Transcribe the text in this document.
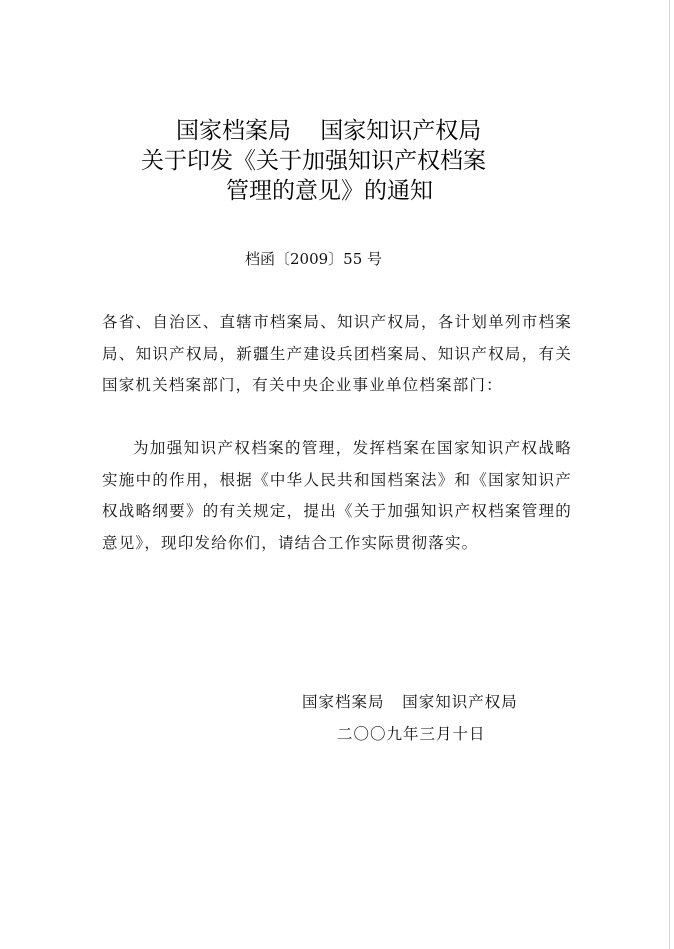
国家档案局    国家知识产权局
关于印发《关于加强知识产权档案
管理的意见》的通知
档函〔2009〕55 号
各省、自治区、直辖市档案局、知识产权局，各计划单列市档案局、知识产权局，新疆生产建设兵团档案局、知识产权局，有关国家机关档案部门，有关中央企业事业单位档案部门：
为加强知识产权档案的管理，发挥档案在国家知识产权战略实施中的作用，根据《中华人民共和国档案法》和《国家知识产权战略纲要》的有关规定，提出《关于加强知识产权档案管理的意见》，现印发给你们，请结合工作实际贯彻落实。
国家档案局   国家知识产权局
二〇〇九年三月十日
